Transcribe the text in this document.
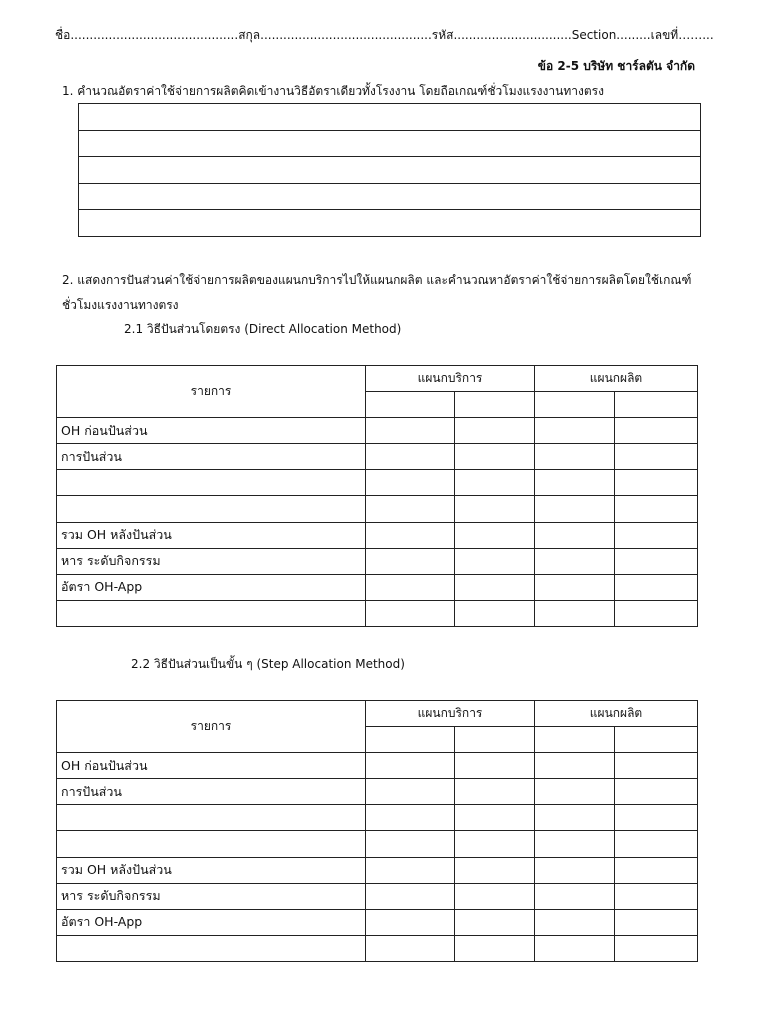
ชื่อ............................................สกุล.............................................รหัส...............................Section.........เลขที่……...
ข้อ 2-5 บริษัท ชาร์ลตัน จำกัด
1. คำนวณอัตราค่าใช้จ่ายการผลิตคิดเข้างานวิธีอัตราเดียวทั้งโรงงาน โดยถือเกณฑ์ชั่วโมงแรงงานทางตรง

2. แสดงการปันส่วนค่าใช้จ่ายการผลิตของแผนกบริการไปให้แผนกผลิต และคำนวณหาอัตราค่าใช้จ่ายการผลิตโดยใช้เกณฑ์
ชั่วโมงแรงงานทางตรง
2.1 วิธีปันส่วนโดยตรง (Direct Allocation Method)
รายการ	แผนกบริการ		แผนกผลิต	

OH ก่อนปันส่วน				
การปันส่วน				

รวม OH หลังปันส่วน				
หาร ระดับกิจกรรม				
อัตรา OH-App				

2.2 วิธีปันส่วนเป็นขั้น ๆ (Step Allocation Method)
รายการ	แผนกบริการ		แผนกผลิต	

OH ก่อนปันส่วน				
การปันส่วน				

รวม OH หลังปันส่วน				
หาร ระดับกิจกรรม				
อัตรา OH-App				
